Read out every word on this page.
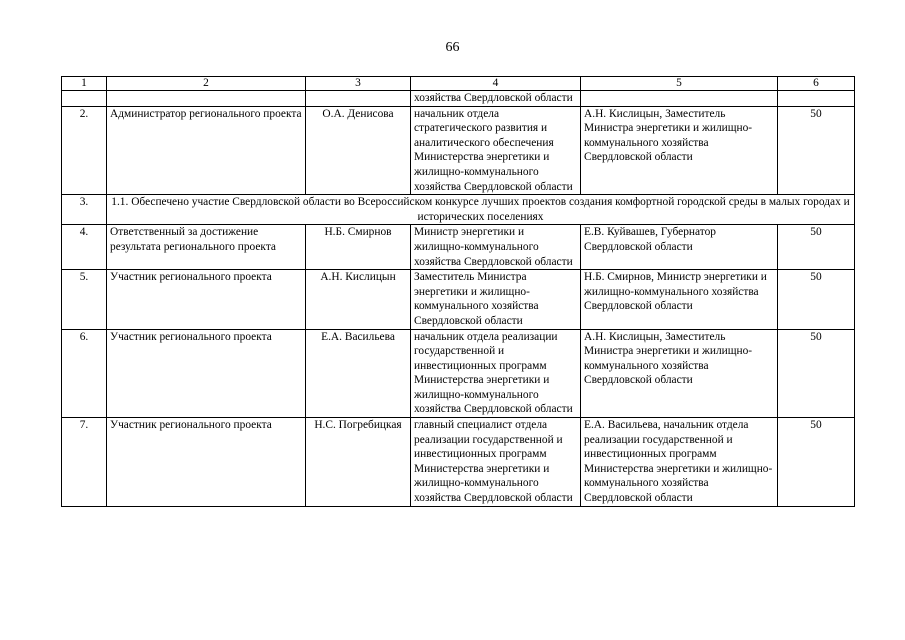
66
1	2	3	4	5	6
			хозяйства Свердловской области		
2.	Администратор регионального проекта	О.А. Денисова	начальник отдела стратегического развития и аналитического обеспечения Министерства энергетики и жилищно-коммунального хозяйства Свердловской области	А.Н. Кислицын, Заместитель Министра энергетики и жилищно-коммунального хозяйства Свердловской области	50
3.	1.1. Обеспечено участие Свердловской области во Всероссийском конкурсе лучших проектов создания комфортной городской среды в малых городах и исторических поселениях				
4.	Ответственный за достижение результата регионального проекта	Н.Б. Смирнов	Министр энергетики и жилищно-коммунального хозяйства Свердловской области	Е.В. Куйвашев, Губернатор Свердловской области	50
5.	Участник регионального проекта	А.Н. Кислицын	Заместитель Министра энергетики и жилищно-коммунального хозяйства Свердловской области	Н.Б. Смирнов, Министр энергетики и жилищно-коммунального хозяйства Свердловской области	50
6.	Участник регионального проекта	Е.А. Васильева	начальник отдела реализации государственной и инвестиционных программ Министерства энергетики и жилищно-коммунального хозяйства Свердловской области	А.Н. Кислицын, Заместитель Министра энергетики и жилищно-коммунального хозяйства Свердловской области	50
7.	Участник регионального проекта	Н.С. Погребицкая	главный специалист отдела реализации государственной и инвестиционных программ Министерства энергетики и жилищно-коммунального хозяйства Свердловской области	Е.А. Васильева, начальник отдела реализации государственной и инвестиционных программ Министерства энергетики и жилищно-коммунального хозяйства Свердловской области	50
